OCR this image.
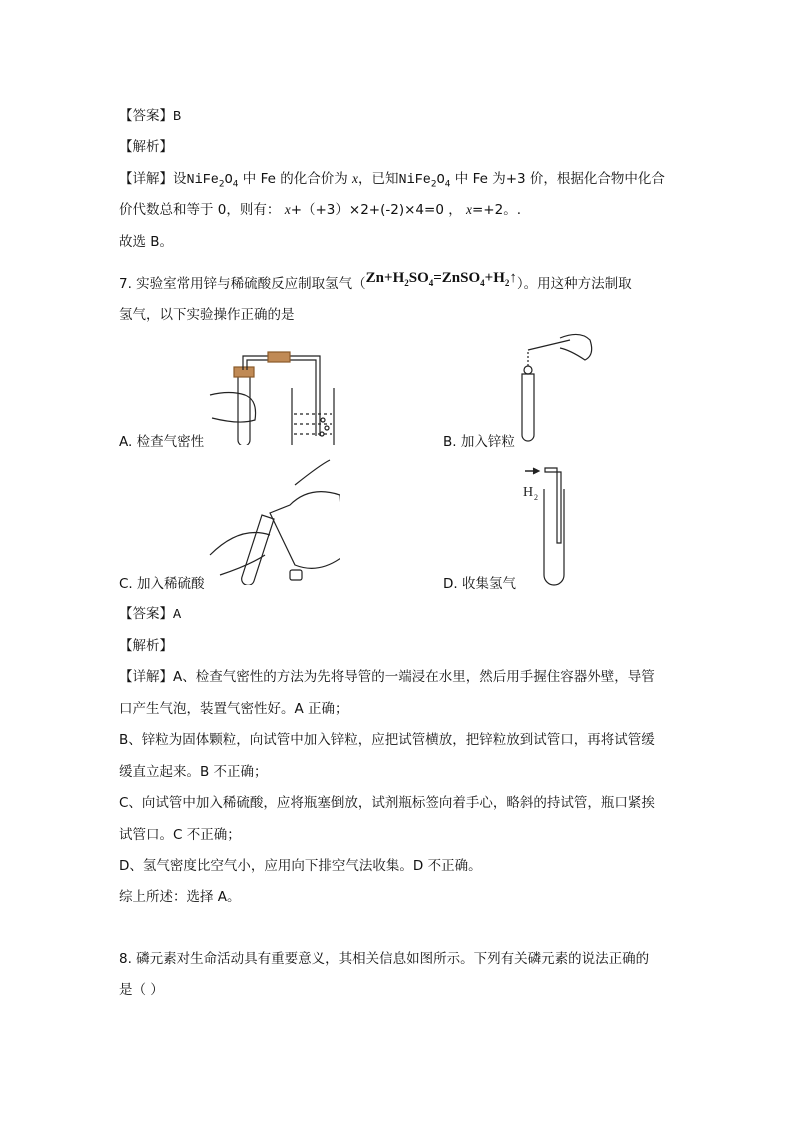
【答案】B
【解析】
【详解】设$NiFe_2O_4$ 中 Fe 的化合价为 x，已知$NiFe_2O_4$ 中 Fe 为+3 价，根据化合物中化合
价代数总和等于 0，则有： x+（+3）×2+(-2)×4=0 ， x=+2。.
故选 B。
7. 实验室常用锌与稀硫酸反应制取氢气$(Zn+H_2SO_4=ZnSO_4+H_2↑)$。用这种方法制取
氢气，以下实验操作正确的是
A. 检查气密性	B. 加入锌粒
C. 加入稀硫酸	D. 收集氢气
H 2
【答案】A
【解析】
【详解】A、检查气密性的方法为先将导管的一端浸在水里，然后用手握住容器外壁，导管
口产生气泡，装置气密性好。A 正确；
B、锌粒为固体颗粒，向试管中加入锌粒，应把试管横放，把锌粒放到试管口，再将试管缓
缓直立起来。B 不正确；
C、向试管中加入稀硫酸，应将瓶塞倒放，试剂瓶标签向着手心，略斜的持试管，瓶口紧挨
试管口。C 不正确；
D、氢气密度比空气小，应用向下排空气法收集。D 不正确。
综上所述：选择 A。
8. 磷元素对生命活动具有重要意义，其相关信息如图所示。下列有关磷元素的说法正确的
是（ ）
